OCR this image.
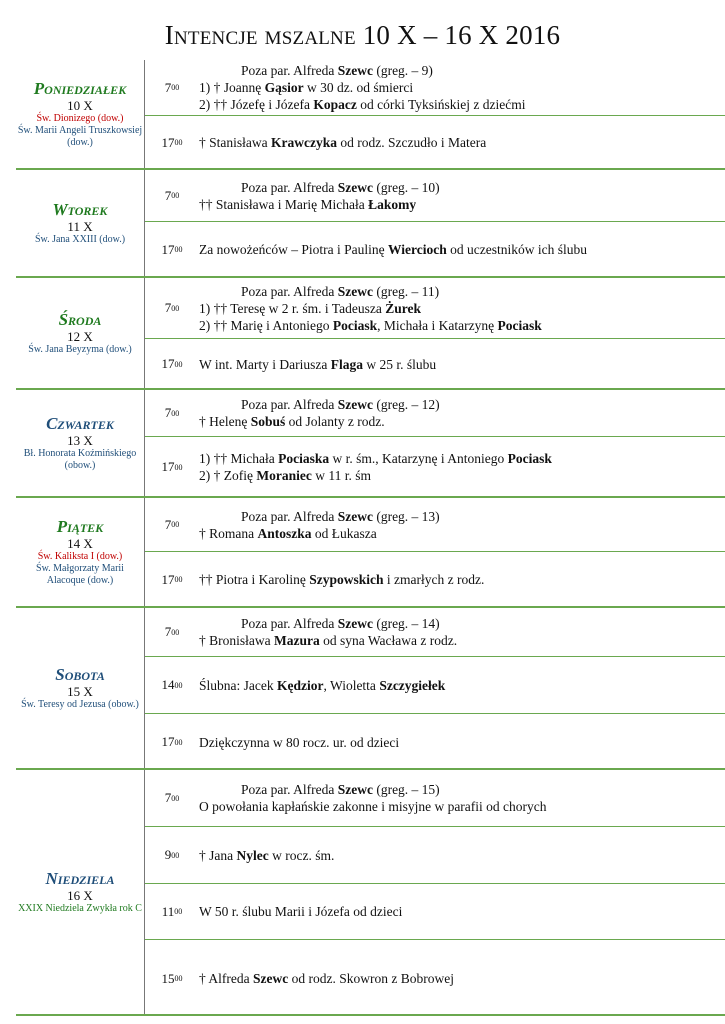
Intencje mszalne 10 X – 16 X 2016
Poniedziałek
10 X
Św. Dionizego (dow.)
Św. Marii Angeli Truszkowsiej (dow.)
7 00
Poza par. Alfreda Szewc (greg. – 9)
1) † Joannę Gąsior w 30 dz. od śmierci
2) †† Józefę i Józefa Kopacz od córki Tyksińskiej z dziećmi
17 00 † Stanisława Krawczyka od rodz. Szczudło i Matera
Wtorek
11 X
Św. Jana XXIII (dow.)
7 00
Poza par. Alfreda Szewc (greg. – 10)
†† Stanisława i Marię Michała Łakomy
17 00 Za nowożeńców – Piotra i Paulinę Wiercioch od uczestników ich ślubu
Środa
12 X
Św. Jana Beyzyma (dow.)
7 00
Poza par. Alfreda Szewc (greg. – 11)
1) †† Teresę w 2 r. śm. i Tadeusza Żurek
2) †† Marię i Antoniego Pociask, Michała i Katarzynę Pociask
17 00 W int. Marty i Dariusza Flaga w 25 r. ślubu
Czwartek
13 X
Bł. Honorata Koźmińskiego (obow.)
7 00
Poza par. Alfreda Szewc (greg. – 12)
† Helenę Sobuś od Jolanty z rodz.
17 00
1) †† Michała Pociaska w r. śm., Katarzynę i Antoniego Pociask
2) † Zofię Moraniec w 11 r. śm
Piątek
14 X
Św. Kaliksta I (dow.)
Św. Małgorzaty Marii Alacoque (dow.)
7 00
Poza par. Alfreda Szewc (greg. – 13)
† Romana Antoszka od Łukasza
17 00 †† Piotra i Karolinę Szypowskich i zmarłych z rodz.
Sobota
15 X
Św. Teresy od Jezusa (obow.)
7 00
Poza par. Alfreda Szewc (greg. – 14)
† Bronisława Mazura od syna Wacława z rodz.
14 00 Ślubna: Jacek Kędzior, Wioletta Szczygiełek
17 00 Dziękczynna w 80 rocz. ur. od dzieci
Niedziela
16 X
XXIX Niedziela Zwykła rok C
7 00
Poza par. Alfreda Szewc (greg. – 15)
O powołania kapłańskie zakonne i misyjne w parafii od chorych
9 00 † Jana Nylec w rocz. śm.
11 00 W 50 r. ślubu Marii i Józefa od dzieci
15 00 † Alfreda Szewc od rodz. Skowron z Bobrowej
